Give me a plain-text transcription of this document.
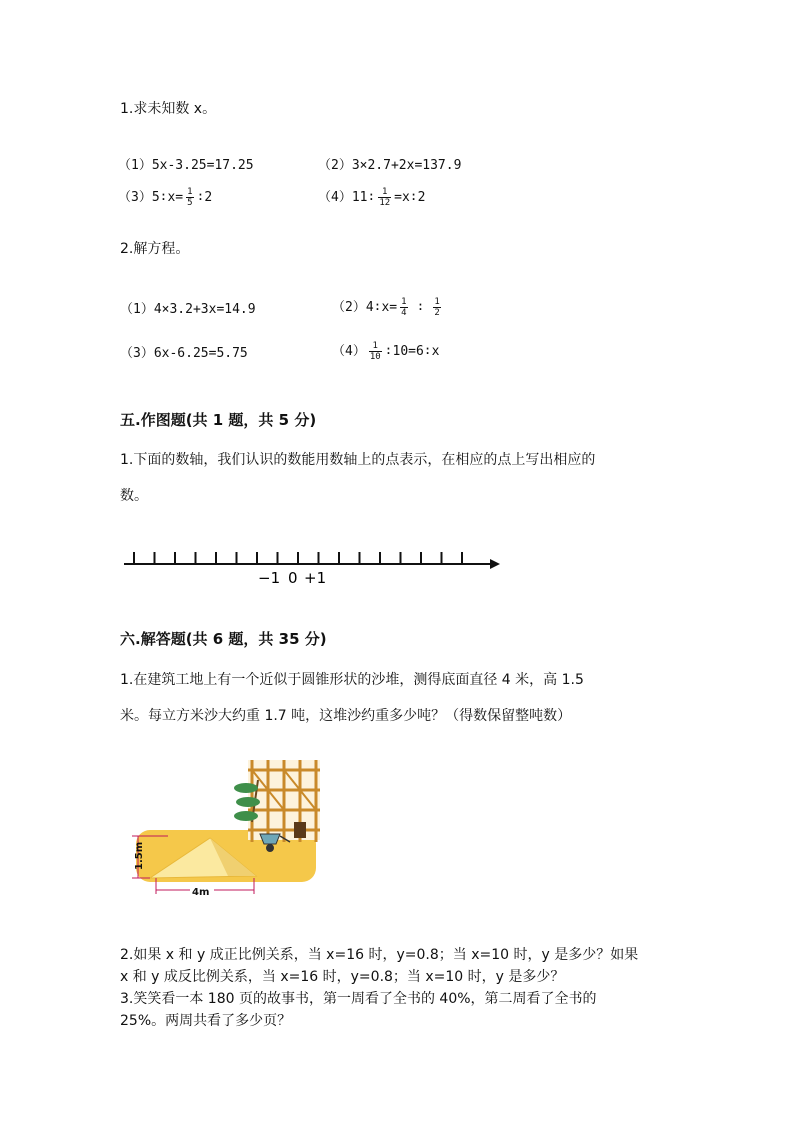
1.求未知数 x。
（1）5x-3.25=17.25	（2）3×2.7+2x=137.9
（3）5∶x= $\frac{1}{5}$ ∶2	（4）11∶ $\frac{1}{12}$ =x∶2
2.解方程。
（1）4×3.2+3x=14.9	（2）4∶x= $\frac{1}{4}$ ∶ $\frac{1}{2}$
（3）6x-6.25=5.75	$(4) \frac{1}{10}$ ∶10=6∶x
五.作图题(共 1 题，共 5 分)
1.下面的数轴，我们认识的数能用数轴上的点表示，在相应的点上写出相应的
数。
−1 0 +1
六.解答题(共 6 题，共 35 分)
1.在建筑工地上有一个近似于圆锥形状的沙堆，测得底面直径 4 米，高 1.5
米。每立方米沙大约重 1.7 吨，这堆沙约重多少吨？（得数保留整吨数）
1.5m
4m
2.如果 x 和 y 成正比例关系，当 x=16 时，y=0.8；当 x=10 时，y 是多少？如果
x 和 y 成反比例关系，当 x=16 时，y=0.8；当 x=10 时，y 是多少？
3.笑笑看一本 180 页的故事书，第一周看了全书的 40%，第二周看了全书的
25%。两周共看了多少页？
